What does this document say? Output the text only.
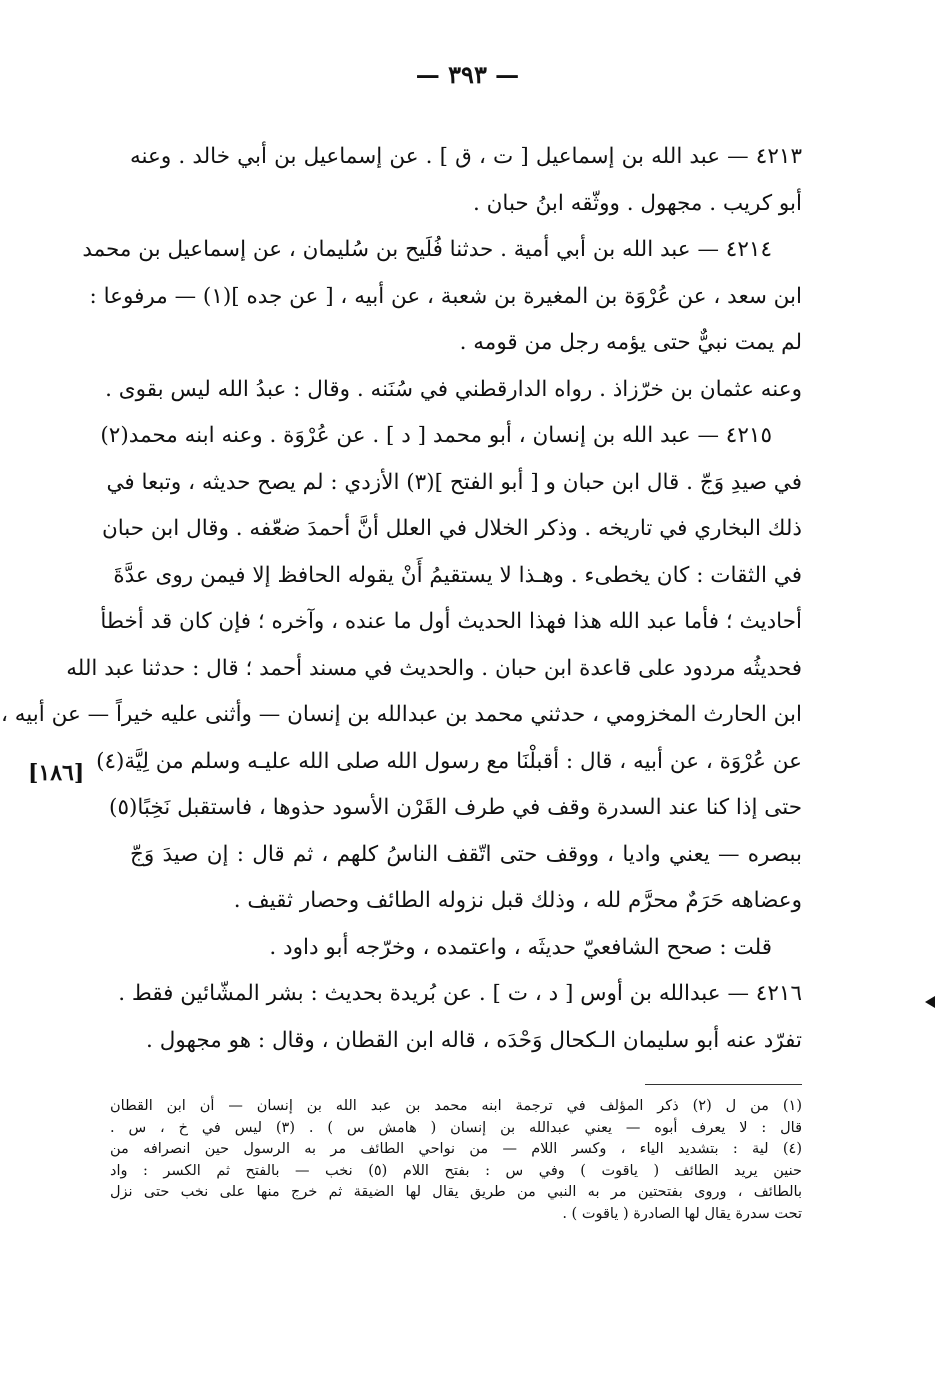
— ٣٩٣ —
٤٢١٣ — عبد الله بن إسماعيل [ ت ، ق ] . عن إسماعيل بن أبي خالد . وعنه
أبو كريب . مجهول . ووثّقه ابنُ حبان .
٤٢١٤ — عبد الله بن أبي أمية . حدثنا فُلَيح بن سُليمان ، عن إسماعيل بن محمد
ابن سعد ، عن عُرْوَة بن المغيرة بن شعبة ، عن أبيه ، [ عن جده ](١) — مرفوعا :
لم يمت نبيٌّ حتى يؤمه رجل من قومه .
وعنه عثمان بن خرّزاذ . رواه الدارقطني في سُنَنه . وقال : عبدُ الله ليس بقوى .
٤٢١٥ — عبد الله بن إنسان ، أبو محمد [ د ] . عن عُرْوَة . وعنه ابنه محمد(٢)
في صيدِ وَجّ . قال ابن حبان و [ أبو الفتح ](٣) الأزدي : لم يصح حديثه ، وتبعا في
ذلك البخاري في تاريخه . وذكر الخلال في العلل أنَّ أحمدَ ضعّفه . وقال ابن حبان
في الثقات : كان يخطىء . وهـذا لا يستقيمُ أَنْ يقوله الحافظ إلا فيمن روى عدَّةَ
أحاديث ؛ فأما عبد الله هذا فهذا الحديث أول ما عنده ، وآخره ؛ فإن كان قد أخطأ
فحديثُه مردود على قاعدة ابن حبان . والحديث في مسند أحمد ؛ قال : حدثنا عبد الله
ابن الحارث المخزومي ، حدثني محمد بن عبدالله بن إنسان — وأثنى عليه خيراً — عن أبيه ،
عن عُرْوَة ، عن أبيه ، قال : أقبلْنَا مع رسول الله صلى الله عليـه وسلم من لِيَّة(٤)
حتى إذا كنا عند السدرة وقف في طرف القَرْن الأسود حذوها ، فاستقبل نَخِبًا(٥)
ببصره — يعني واديا ، ووقف حتى اتّقف الناسُ كلهم ، ثم قال : إن صيدَ وَجّ
وعضاهه حَرَمٌ محرَّم لله ، وذلك قبل نزوله الطائف وحصار ثقيف .
قلت : صحح الشافعيّ حديثَه ، واعتمده ، وخرّجه أبو داود .
٤٢١٦ — عبدالله بن أوس [ د ، ت ] . عن بُريدة بحديث : بشر المشّائين فقط .
تفرّد عنه أبو سليمان الـكحال وَحْدَه ، قاله ابن القطان ، وقال : هو مجهول .
[١٨٦]
(١) من ل (٢) ذكر المؤلف في ترجمة ابنه محمد بن عبد الله بن إنسان — أن ابن القطان
قال : لا يعرف أبوه — يعني عبدالله بن إنسان ( هامش س ) . (٣) ليس في خ ، س .
(٤) لية : بتشديد الياء ، وكسر اللام — من نواحي الطائف مر به الرسول حين انصرافه من
حنين يريد الطائف ( ياقوت ) وفي س : بفتح اللام (٥) نخب — بالفتح ثم الكسر : واد
بالطائف ، وروى بفتحتين مر به النبي من طريق يقال لها الضيقة ثم خرج منها على نخب حتى نزل
تحت سدرة يقال لها الصادرة ( ياقوت ) .
